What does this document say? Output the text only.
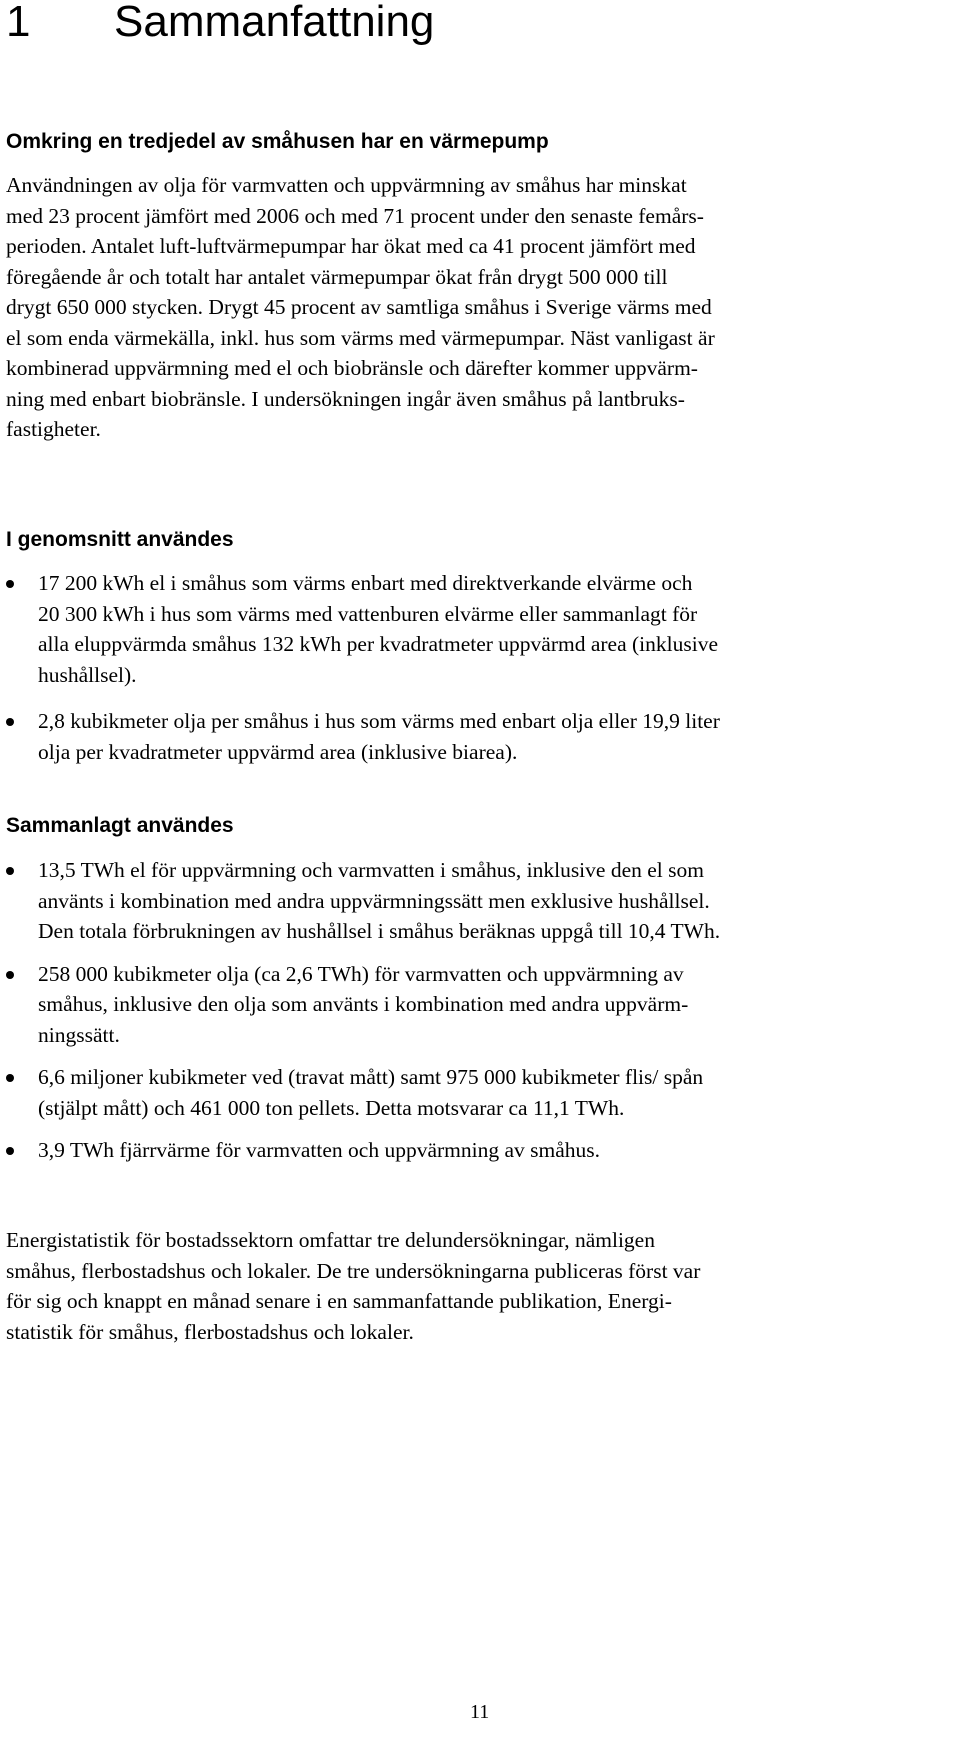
1 Sammanfattning
Omkring en tredjedel av småhusen har en värmepump

Användningen av olja för varmvatten och uppvärmning av småhus har minskat
med 23 procent jämfört med 2006 och med 71 procent under den senaste femårs-
perioden. Antalet luft-luftvärmepumpar har ökat med ca 41 procent jämfört med
föregående år och totalt har antalet värmepumpar ökat från drygt 500 000 till
drygt 650 000 stycken. Drygt 45 procent av samtliga småhus i Sverige värms med
el som enda värmekälla, inkl. hus som värms med värmepumpar. Näst vanligast är
kombinerad uppvärmning med el och biobränsle och därefter kommer uppvärm-
ning med enbart biobränsle. I undersökningen ingår även småhus på lantbruks-
fastigheter.

I genomsnitt användes
17 200 kWh el i småhus som värms enbart med direktverkande elvärme och
20 300 kWh i hus som värms med vattenburen elvärme eller sammanlagt för
alla eluppvärmda småhus 132 kWh per kvadratmeter uppvärmd area (inklusive
hushållsel).
2,8 kubikmeter olja per småhus i hus som värms med enbart olja eller 19,9 liter
olja per kvadratmeter uppvärmd area (inklusive biarea).
Sammanlagt användes
13,5 TWh el för uppvärmning och varmvatten i småhus, inklusive den el som
använts i kombination med andra uppvärmningssätt men exklusive hushållsel.
Den totala förbrukningen av hushållsel i småhus beräknas uppgå till 10,4 TWh.
258 000 kubikmeter olja (ca 2,6 TWh) för varmvatten och uppvärmning av
småhus, inklusive den olja som använts i kombination med andra uppvärm-
ningssätt.
6,6 miljoner kubikmeter ved (travat mått) samt 975 000 kubikmeter flis/ spån
(stjälpt mått) och 461 000 ton pellets. Detta motsvarar ca 11,1 TWh.
3,9 TWh fjärrvärme för varmvatten och uppvärmning av småhus.

Energistatistik för bostadssektorn omfattar tre delundersökningar, nämligen
småhus, flerbostadshus och lokaler. De tre undersökningarna publiceras först var
för sig och knappt en månad senare i en sammanfattande publikation, Energi-
statistik för småhus, flerbostadshus och lokaler.

11
